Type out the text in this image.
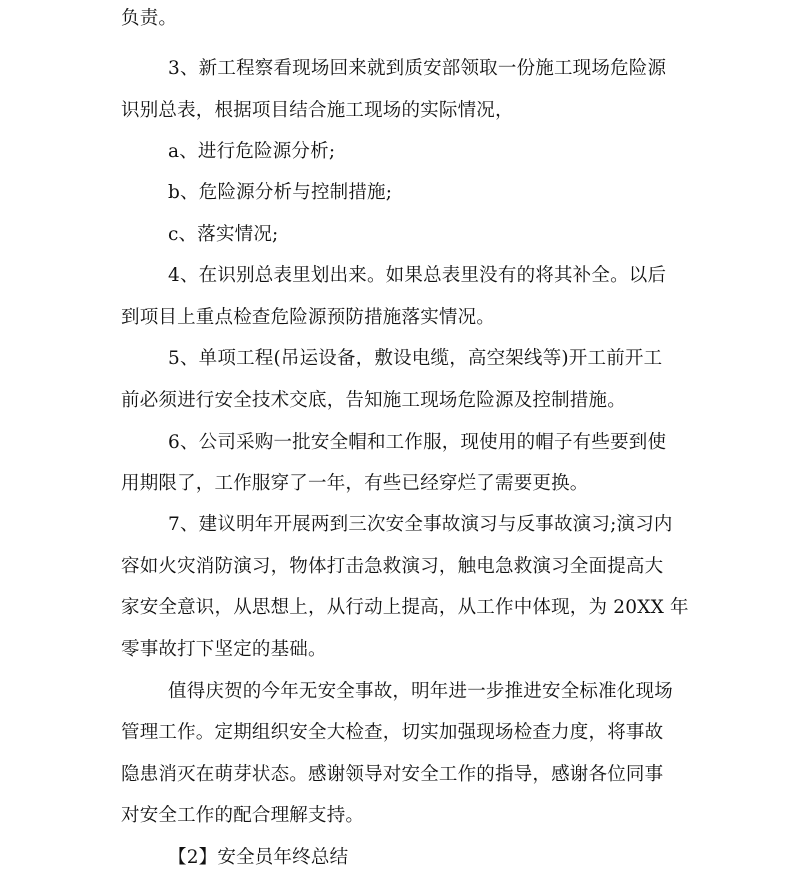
负责。
3、新工程察看现场回来就到质安部领取一份施工现场危险源
识别总表，根据项目结合施工现场的实际情况，
a、进行危险源分析;
b、危险源分析与控制措施;
c、落实情况;
4、在识别总表里划出来。如果总表里没有的将其补全。以后
到项目上重点检查危险源预防措施落实情况。
5、单项工程(吊运设备，敷设电缆，高空架线等)开工前开工
前必须进行安全技术交底，告知施工现场危险源及控制措施。
6、公司采购一批安全帽和工作服，现使用的帽子有些要到使
用期限了，工作服穿了一年，有些已经穿烂了需要更换。
7、建议明年开展两到三次安全事故演习与反事故演习;演习内
容如火灾消防演习，物体打击急救演习，触电急救演习全面提高大
家安全意识，从思想上，从行动上提高，从工作中体现，为 20XX 年
零事故打下坚定的基础。
值得庆贺的今年无安全事故，明年进一步推进安全标准化现场
管理工作。定期组织安全大检查，切实加强现场检查力度，将事故
隐患消灭在萌芽状态。感谢领导对安全工作的指导，感谢各位同事
对安全工作的配合理解支持。
【2】安全员年终总结
